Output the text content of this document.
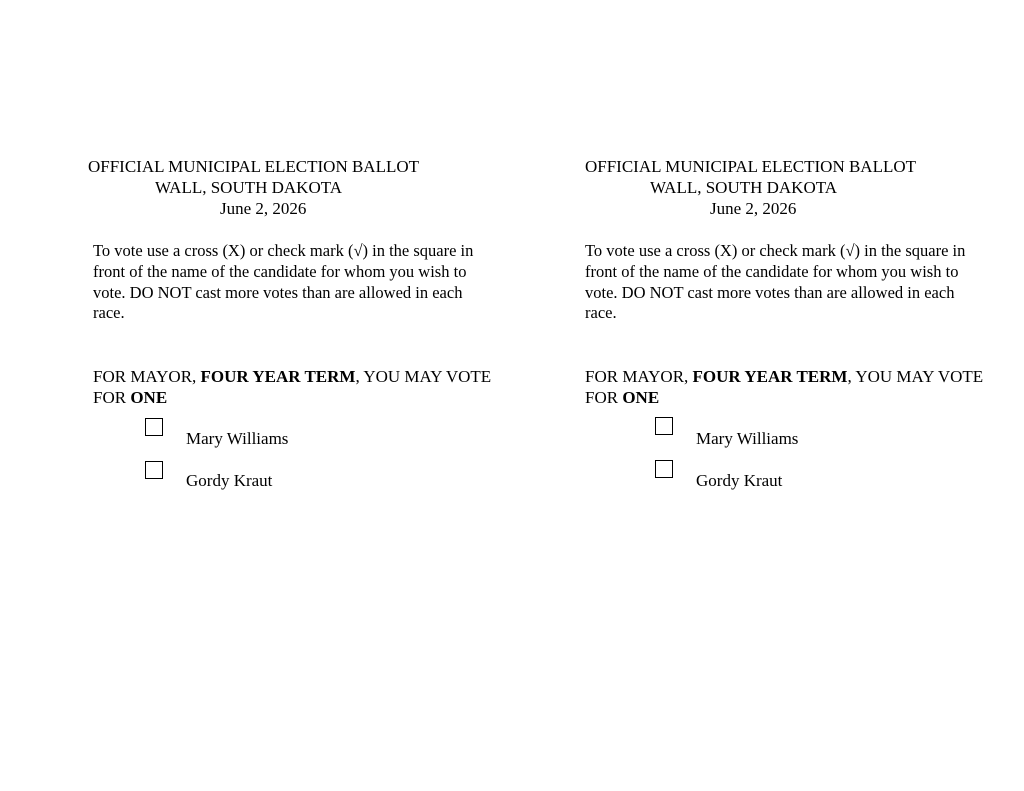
OFFICIAL MUNICIPAL ELECTION BALLOT
WALL, SOUTH DAKOTA
June 2, 2026
To vote use a cross (X) or check mark (√) in the square in front of the name of the candidate for whom you wish to vote. DO NOT cast more votes than are allowed in each race.
FOR MAYOR, FOUR YEAR TERM, YOU MAY VOTE FOR ONE
Mary Williams
Gordy Kraut
OFFICIAL MUNICIPAL ELECTION BALLOT
WALL, SOUTH DAKOTA
June 2, 2026
To vote use a cross (X) or check mark (√) in the square in front of the name of the candidate for whom you wish to vote. DO NOT cast more votes than are allowed in each race.
FOR MAYOR, FOUR YEAR TERM, YOU MAY VOTE FOR ONE
Mary Williams
Gordy Kraut
